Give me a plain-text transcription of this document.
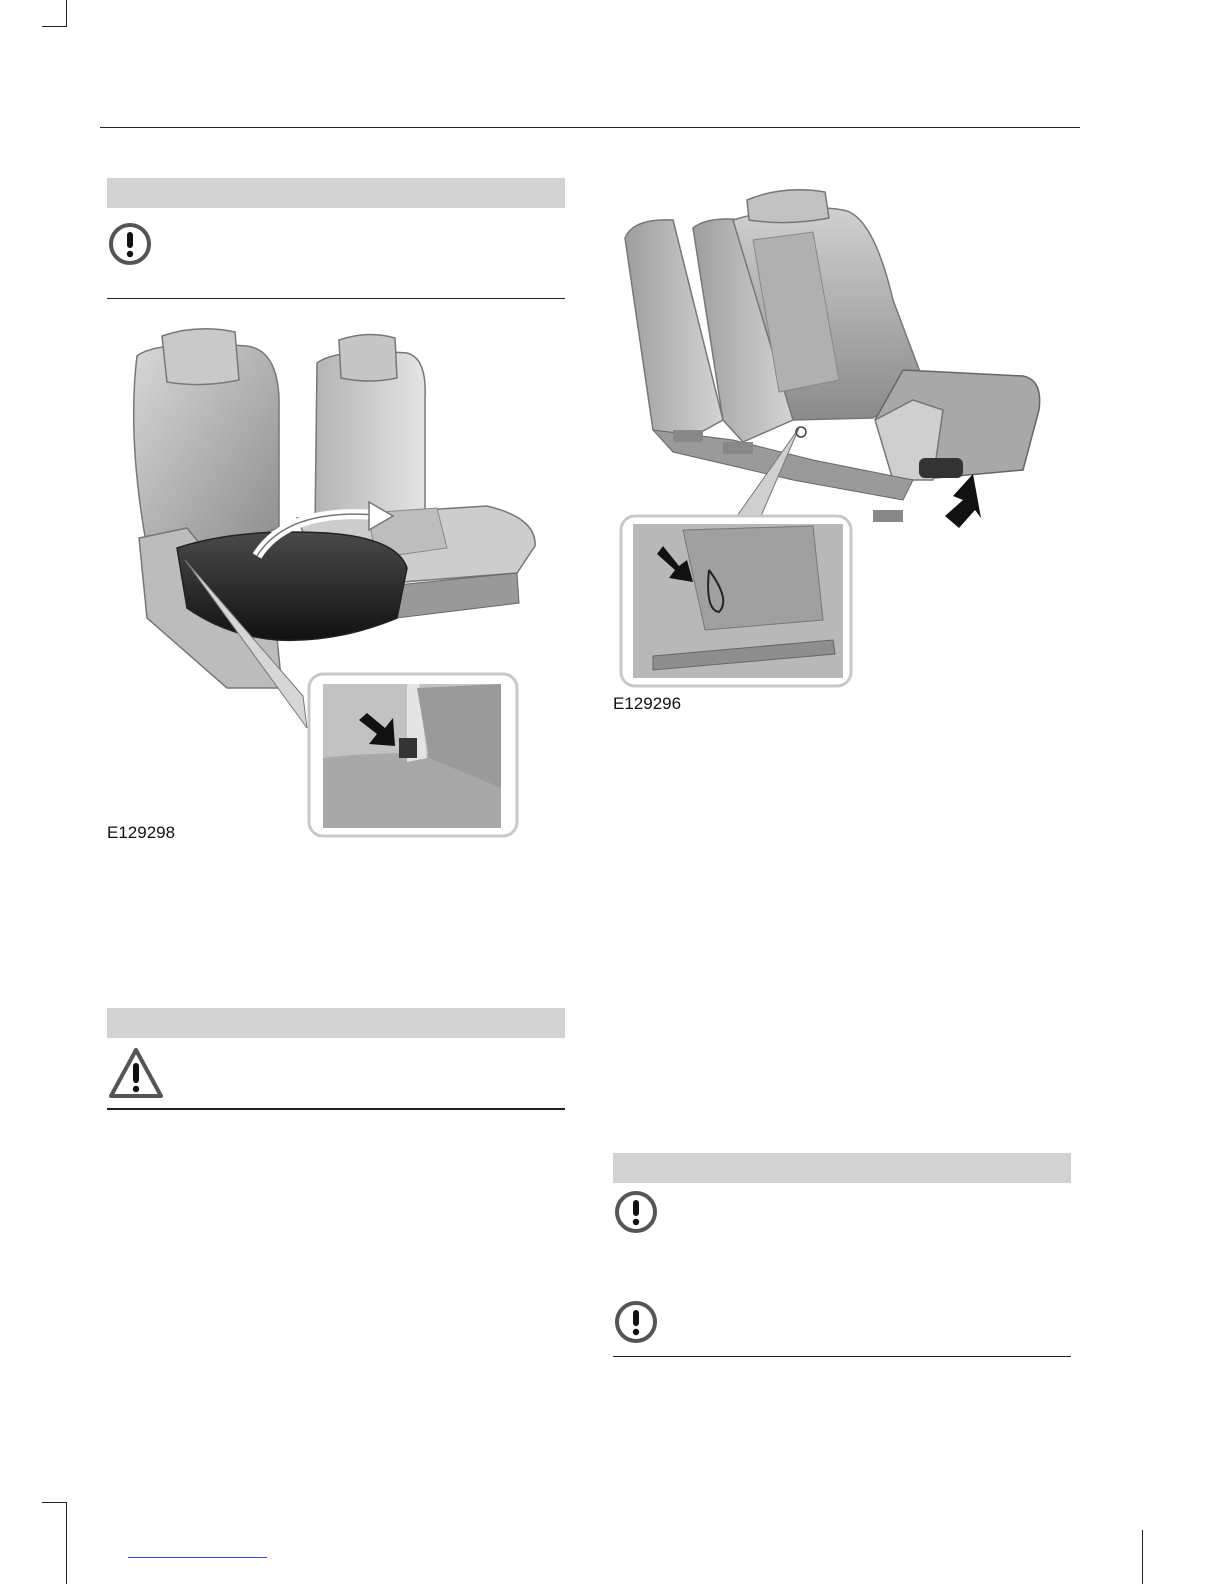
E129298
E129296
